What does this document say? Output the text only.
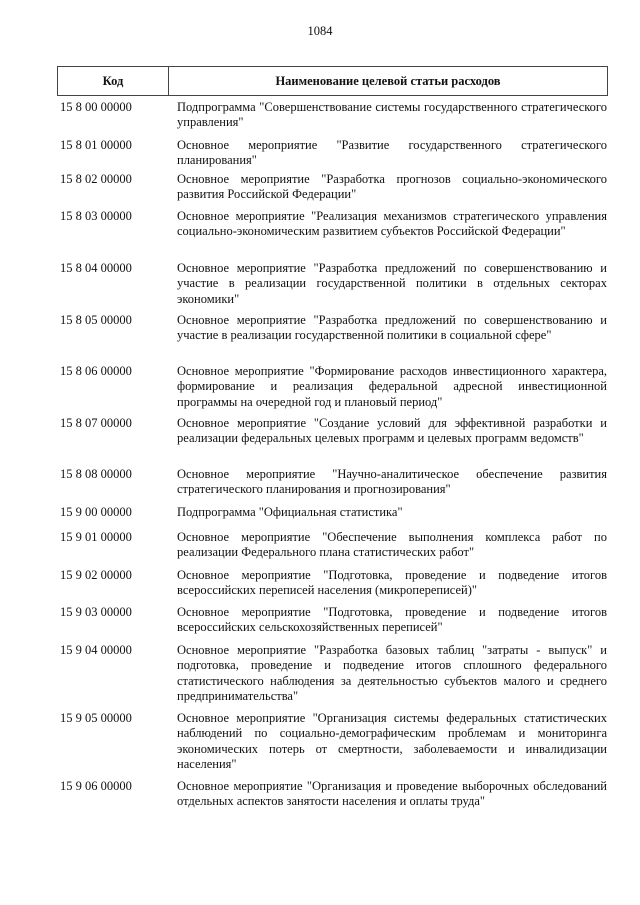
1084
Код	Наименование целевой статьи расходов
15 8 00 00000	Подпрограмма "Совершенствование системы государственного стратегического управления"
15 8 01 00000	Основное мероприятие "Развитие государственного стратегического планирования"
15 8 02 00000	Основное мероприятие "Разработка прогнозов социально-экономического развития Российской Федерации"
15 8 03 00000	Основное мероприятие "Реализация механизмов стратегического управления социально-экономическим развитием субъектов Российской Федерации"
15 8 04 00000	Основное мероприятие "Разработка предложений по совершенствованию и участие в реализации государственной политики в отдельных секторах экономики"
15 8 05 00000	Основное мероприятие "Разработка предложений по совершенствованию и участие в реализации государственной политики в социальной сфере"
15 8 06 00000	Основное мероприятие "Формирование расходов инвестиционного характера, формирование и реализация федеральной адресной инвестиционной программы на очередной год и плановый период"
15 8 07 00000	Основное мероприятие "Создание условий для эффективной разработки и реализации федеральных целевых программ и целевых программ ведомств"
15 8 08 00000	Основное мероприятие "Научно-аналитическое обеспечение развития стратегического планирования и прогнозирования"
15 9 00 00000	Подпрограмма "Официальная статистика"
15 9 01 00000	Основное мероприятие "Обеспечение выполнения комплекса работ по реализации Федерального плана статистических работ"
15 9 02 00000	Основное мероприятие "Подготовка, проведение и подведение итогов всероссийских переписей населения (микропереписей)"
15 9 03 00000	Основное мероприятие "Подготовка, проведение и подведение итогов всероссийских сельскохозяйственных переписей"
15 9 04 00000	Основное мероприятие "Разработка базовых таблиц "затраты - выпуск" и подготовка, проведение и подведение итогов сплошного федерального статистического наблюдения за деятельностью субъектов малого и среднего предпринимательства"
15 9 05 00000	Основное мероприятие "Организация системы федеральных статистических наблюдений по социально-демографическим проблемам и мониторинга экономических потерь от смертности, заболеваемости и инвалидизации населения"
15 9 06 00000	Основное мероприятие "Организация и проведение выборочных обследований отдельных аспектов занятости населения и оплаты труда"
